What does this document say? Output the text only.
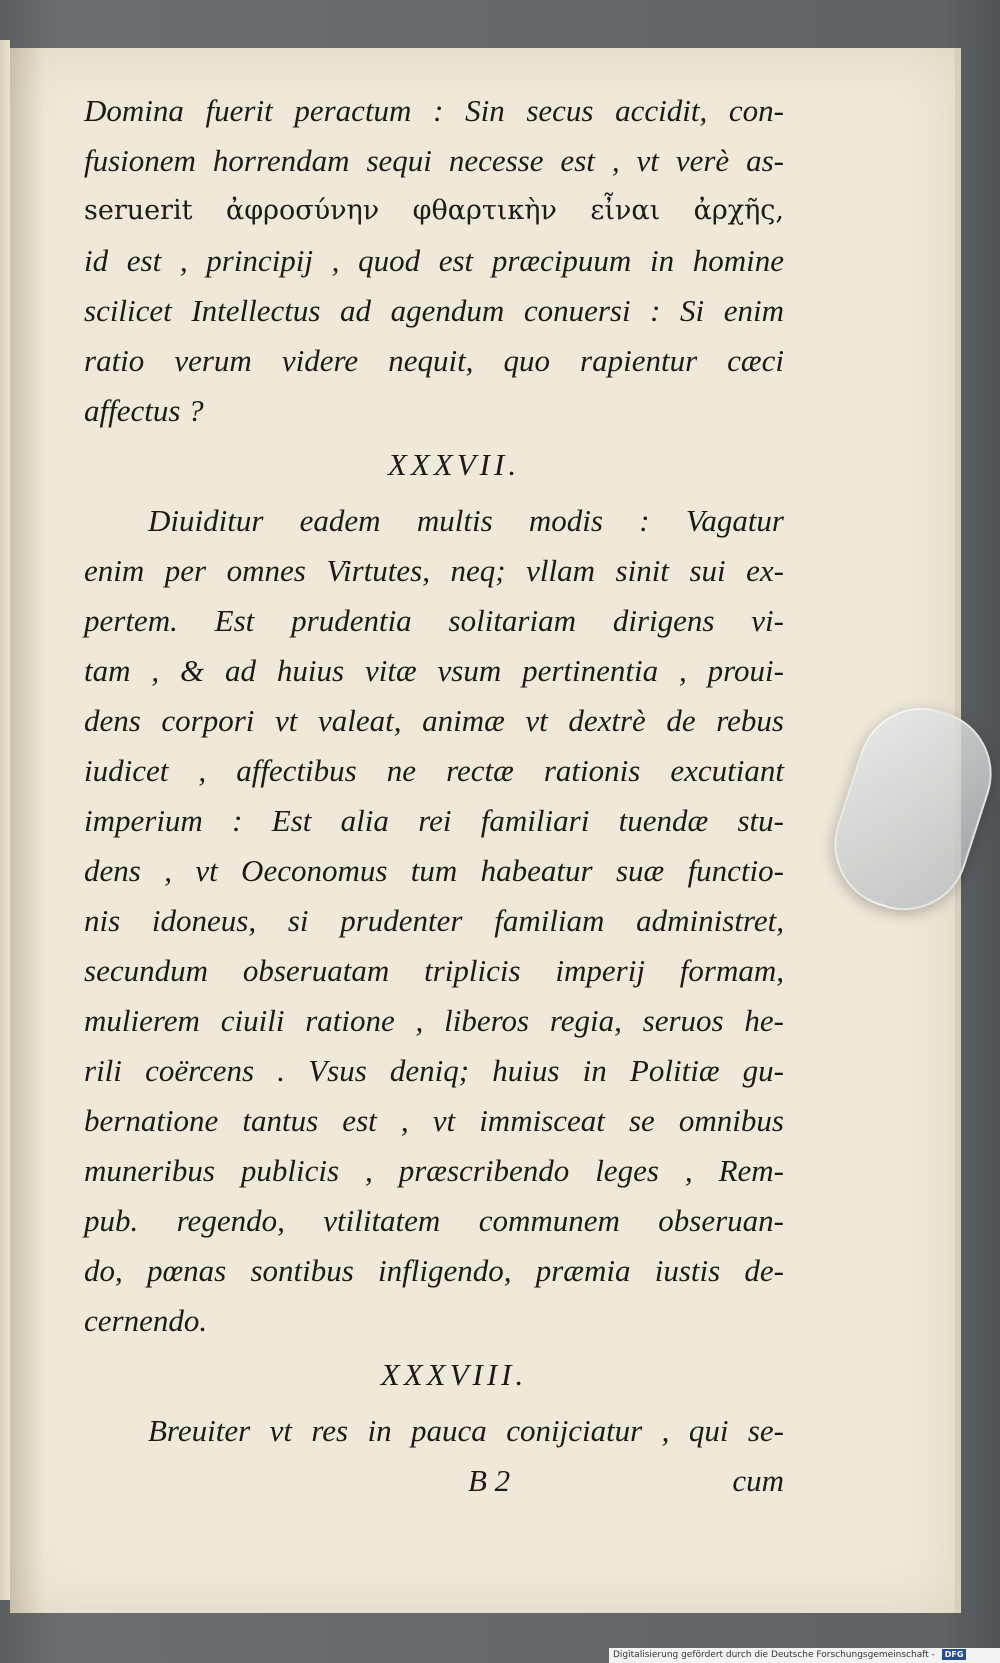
Domina fuerit peractum : Sin secus accidit, con-
fusionem horrendam sequi necesse est , vt verè as-
seruerit ἀφροσύνην φθαρτικὴν εἶναι ἀρχῆς,
id est , principij , quod est præcipuum in homine
scilicet Intellectus ad agendum conuersi : Si enim
ratio verum videre nequit, quo rapientur cæci
affectus ?
XXXVII.
Diuiditur eadem multis modis : Vagatur
enim per omnes Virtutes, neq; vllam sinit sui ex-
pertem. Est prudentia solitariam dirigens vi-
tam , & ad huius vitæ vsum pertinentia , proui-
dens corpori vt valeat, animæ vt dextrè de rebus
iudicet , affectibus ne rectæ rationis excutiant
imperium : Est alia rei familiari tuendæ stu-
dens , vt Oeconomus tum habeatur suæ functio-
nis idoneus, si prudenter familiam administret,
secundum obseruatam triplicis imperij formam,
mulierem ciuili ratione , liberos regia, seruos he-
rili coërcens . Vsus deniq; huius in Politiæ gu-
bernatione tantus est , vt immisceat se omnibus
muneribus publicis , præscribendo leges , Rem-
pub. regendo, vtilitatem communem obseruan-
do, pœnas sontibus infligendo, præmia iustis de-
cernendo.
XXXVIII.
Breuiter vt res in pauca conijciatur , qui se-
B 2	cum
Digitalisierung gefördert durch die Deutsche Forschungsgemeinschaft - DFG
